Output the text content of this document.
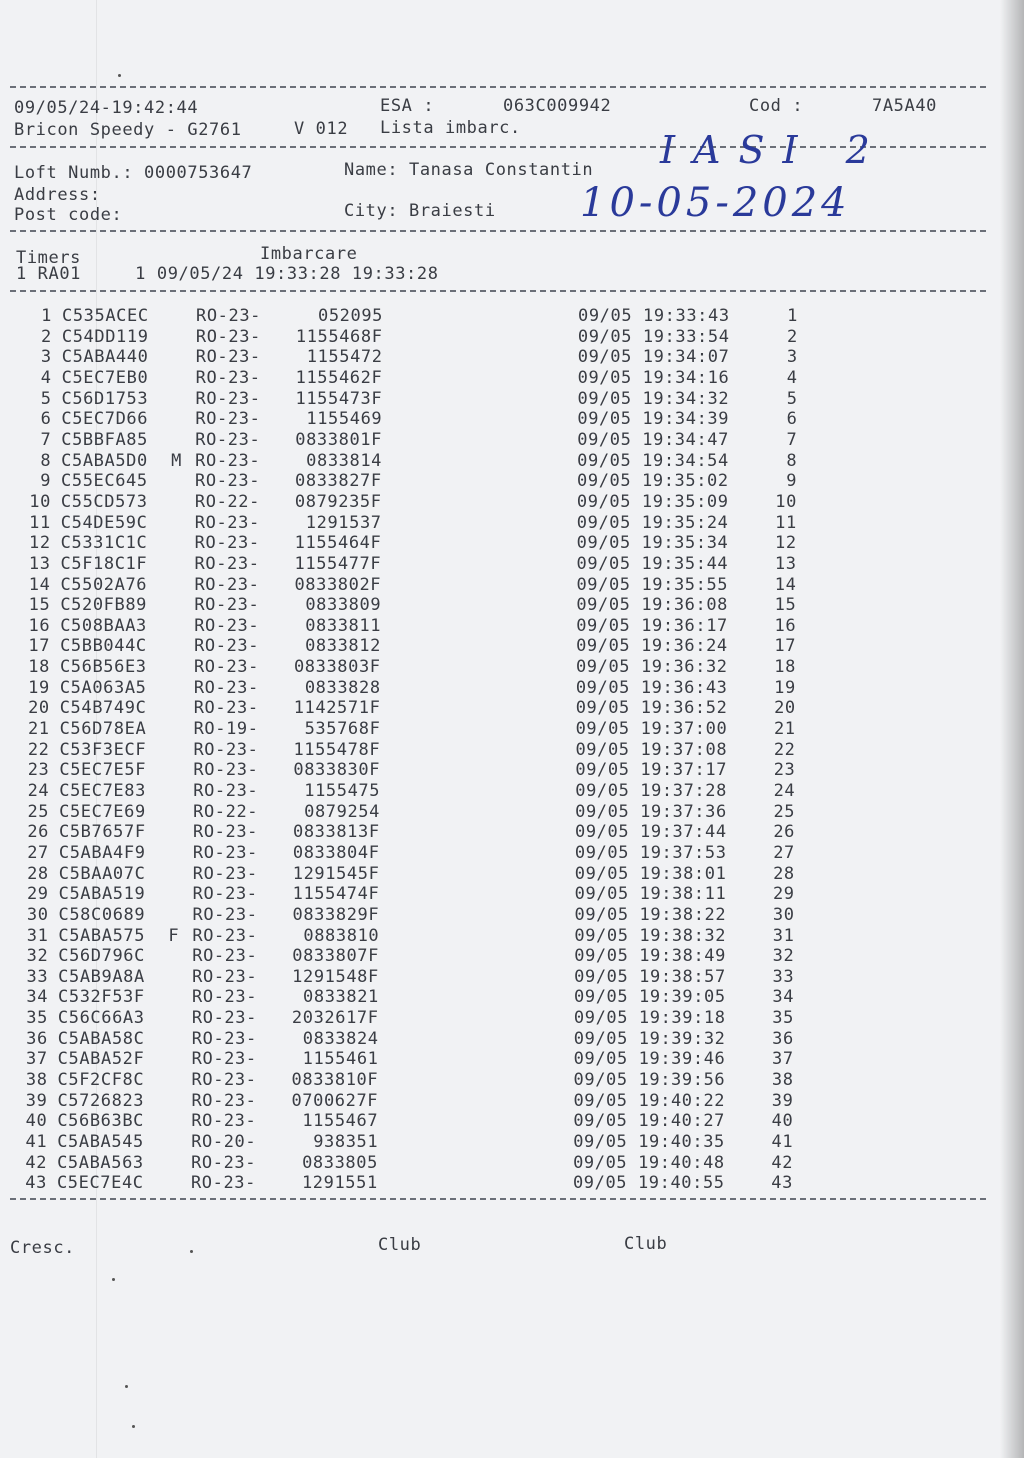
09/05/24-19:42:44	ESA :	063C009942	Cod :	7A5A40
Bricon Speedy - G2761	V 012 Lista imbarc.
Loft Numb.: 0000753647	Name: Tanasa Constantin
Address:
Post code:	City: Braiesti
IASI 2
10-05-2024
Timers	Imbarcare
1 RA01     1 09/05/24 19:33:28 19:33:28
1 C535ACEC	RO-23-	052095	09/05 19:33:43	1
2 C54DD119	RO-23- 1155468F	09/05 19:33:54	2
3 C5ABA440	RO-23-	1155472	09/05 19:34:07	3
4 C5EC7EB0	RO-23- 1155462F	09/05 19:34:16	4
5 C56D1753	RO-23- 1155473F	09/05 19:34:32	5
6 C5EC7D66	RO-23-	1155469	09/05 19:34:39	6
7 C5BBFA85	RO-23- 0833801F	09/05 19:34:47	7
8 C5ABA5D0 M RO-23-	0833814	09/05 19:34:54	8
9 C55EC645	RO-23- 0833827F	09/05 19:35:02	9
10 C55CD573	RO-22- 0879235F	09/05 19:35:09	10
11 C54DE59C	RO-23-	1291537	09/05 19:35:24	11
12 C5331C1C	RO-23- 1155464F	09/05 19:35:34	12
13 C5F18C1F	RO-23- 1155477F	09/05 19:35:44	13
14 C5502A76	RO-23- 0833802F	09/05 19:35:55	14
15 C520FB89	RO-23-	0833809	09/05 19:36:08	15
16 C508BAA3	RO-23-	0833811	09/05 19:36:17	16
17 C5BB044C	RO-23-	0833812	09/05 19:36:24	17
18 C56B56E3	RO-23- 0833803F	09/05 19:36:32	18
19 C5A063A5	RO-23-	0833828	09/05 19:36:43	19
20 C54B749C	RO-23- 1142571F	09/05 19:36:52	20
21 C56D78EA	RO-19-	535768F	09/05 19:37:00	21
22 C53F3ECF	RO-23- 1155478F	09/05 19:37:08	22
23 C5EC7E5F	RO-23- 0833830F	09/05 19:37:17	23
24 C5EC7E83	RO-23-	1155475	09/05 19:37:28	24
25 C5EC7E69	RO-22-	0879254	09/05 19:37:36	25
26 C5B7657F	RO-23- 0833813F	09/05 19:37:44	26
27 C5ABA4F9	RO-23- 0833804F	09/05 19:37:53	27
28 C5BAA07C	RO-23- 1291545F	09/05 19:38:01	28
29 C5ABA519	RO-23- 1155474F	09/05 19:38:11	29
30 C58C0689	RO-23- 0833829F	09/05 19:38:22	30
31 C5ABA575 F RO-23-	0883810	09/05 19:38:32	31
32 C56D796C	RO-23- 0833807F	09/05 19:38:49	32
33 C5AB9A8A	RO-23- 1291548F	09/05 19:38:57	33
34 C532F53F	RO-23-	0833821	09/05 19:39:05	34
35 C56C66A3	RO-23- 2032617F	09/05 19:39:18	35
36 C5ABA58C	RO-23-	0833824	09/05 19:39:32	36
37 C5ABA52F	RO-23-	1155461	09/05 19:39:46	37
38 C5F2CF8C	RO-23- 0833810F	09/05 19:39:56	38
39 C5726823	RO-23- 0700627F	09/05 19:40:22	39
40 C56B63BC	RO-23-	1155467	09/05 19:40:27	40
41 C5ABA545	RO-20-	938351	09/05 19:40:35	41
42 C5ABA563	RO-23-	0833805	09/05 19:40:48	42
43 C5EC7E4C	RO-23-	1291551	09/05 19:40:55	43
Cresc.	Club	Club
